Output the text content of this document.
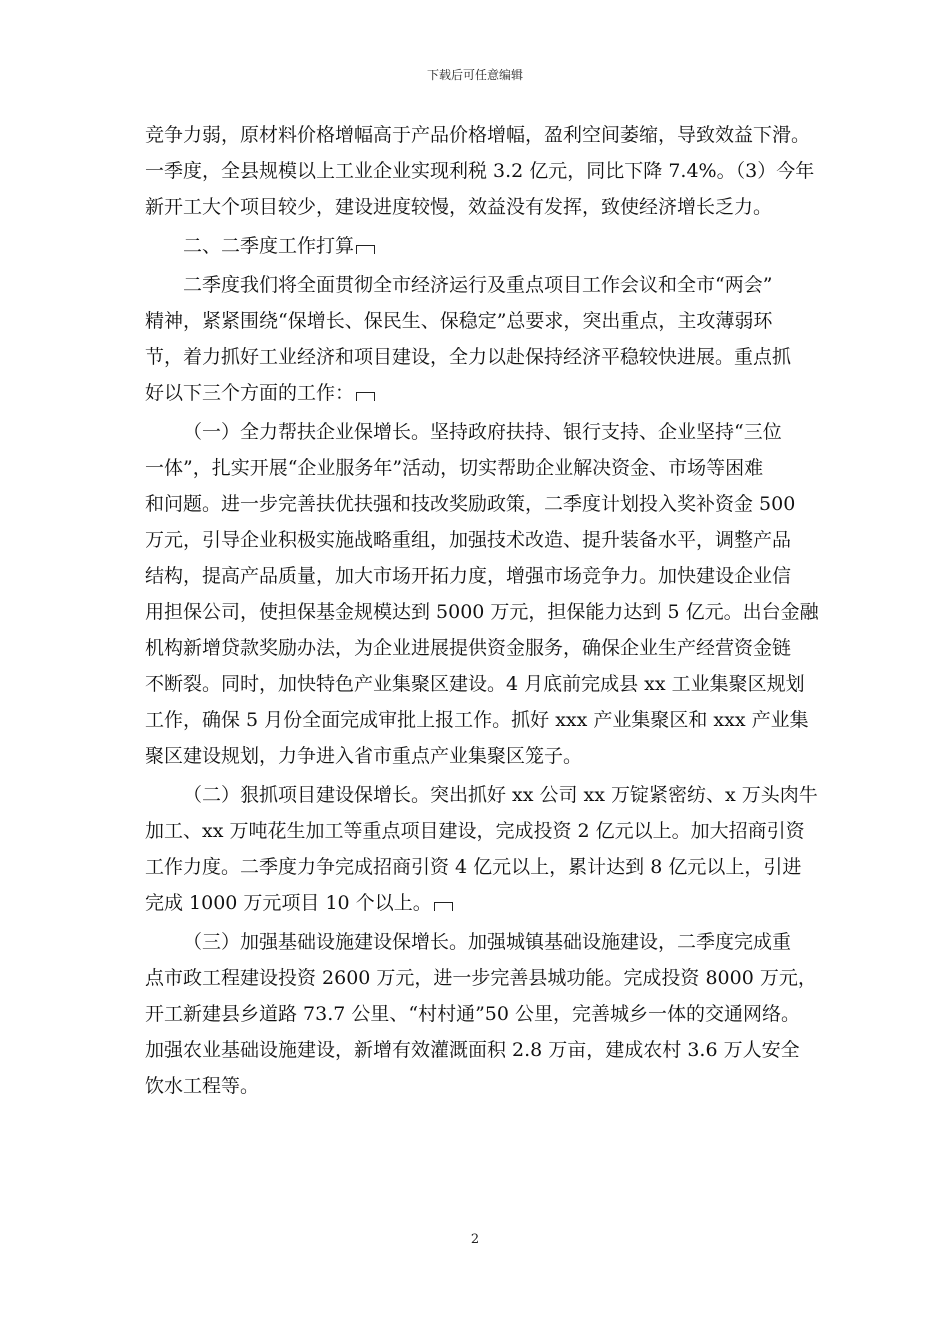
下载后可任意编辑
竞争力弱，原材料价格增幅高于产品价格增幅，盈利空间萎缩，导致效益下滑。
一季度，全县规模以上工业企业实现利税 3.2 亿元，同比下降 7.4%。（3）今年
新开工大个项目较少，建设进度较慢，效益没有发挥，致使经济增长乏力。
二、二季度工作打算
二季度我们将全面贯彻全市经济运行及重点项目工作会议和全市“两会”
精神，紧紧围绕“保增长、保民生、保稳定”总要求，突出重点，主攻薄弱环
节，着力抓好工业经济和项目建设，全力以赴保持经济平稳较快进展。重点抓
好以下三个方面的工作：
（一）全力帮扶企业保增长。坚持政府扶持、银行支持、企业坚持“三位
一体”，扎实开展“企业服务年”活动，切实帮助企业解决资金、市场等困难
和问题。进一步完善扶优扶强和技改奖励政策，二季度计划投入奖补资金 500
万元，引导企业积极实施战略重组，加强技术改造、提升装备水平，调整产品
结构，提高产品质量，加大市场开拓力度，增强市场竞争力。加快建设企业信
用担保公司，使担保基金规模达到 5000 万元，担保能力达到 5 亿元。出台金融
机构新增贷款奖励办法，为企业进展提供资金服务，确保企业生产经营资金链
不断裂。同时，加快特色产业集聚区建设。4 月底前完成县 xx 工业集聚区规划
工作，确保 5 月份全面完成审批上报工作。抓好 xxx 产业集聚区和 xxx 产业集
聚区建设规划，力争进入省市重点产业集聚区笼子。
（二）狠抓项目建设保增长。突出抓好 xx 公司 xx 万锭紧密纺、x 万头肉牛
加工、xx 万吨花生加工等重点项目建设，完成投资 2 亿元以上。加大招商引资
工作力度。二季度力争完成招商引资 4 亿元以上，累计达到 8 亿元以上，引进
完成 1000 万元项目 10 个以上。
（三）加强基础设施建设保增长。加强城镇基础设施建设，二季度完成重
点市政工程建设投资 2600 万元，进一步完善县城功能。完成投资 8000 万元，
开工新建县乡道路 73.7 公里、“村村通”50 公里，完善城乡一体的交通网络。
加强农业基础设施建设，新增有效灌溉面积 2.8 万亩，建成农村 3.6 万人安全
饮水工程等。
2
